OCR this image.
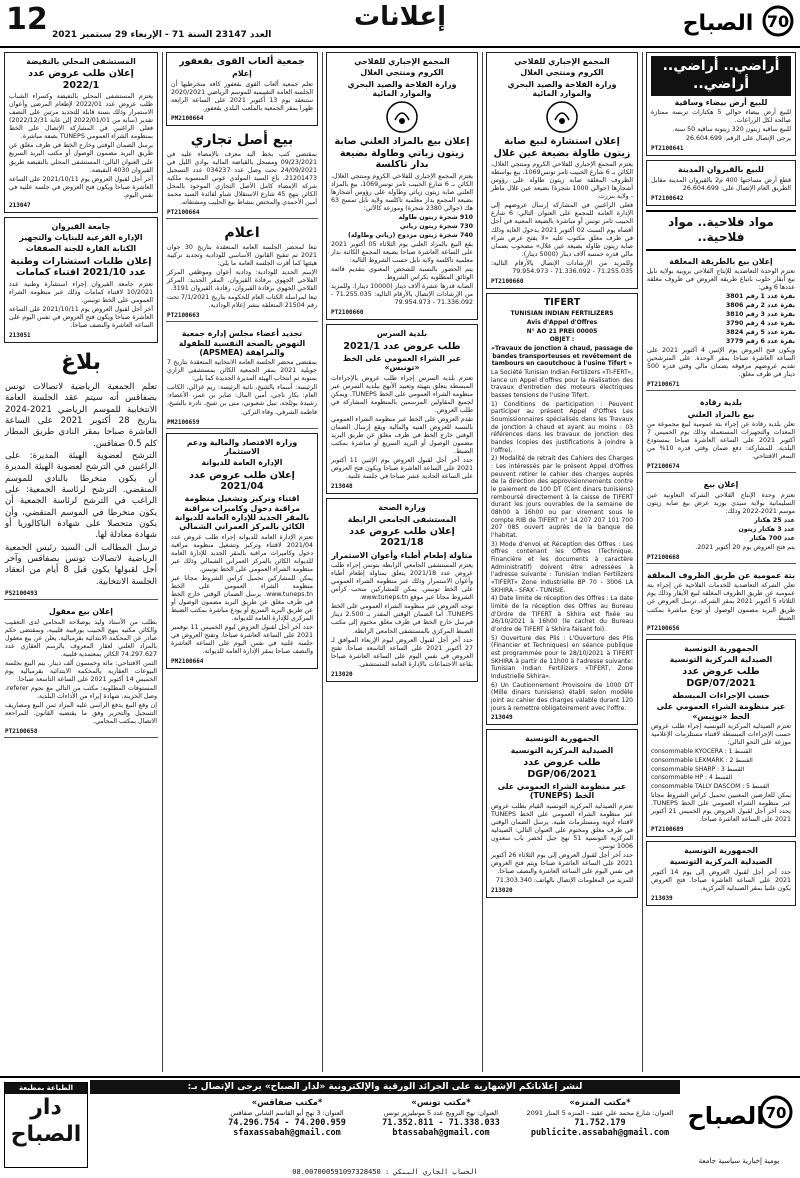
12 العدد 23147 السنة 71 - الإربعاء 29 سبتمبر 2021
إعلانات	70
الصباح
أراضي.. أراضي.. أراضي..
للبيع أرض بيضاء وساقية

للبيع أرض بيضاء حوالي 5 هكتارات تربسة ممتازة صالحة لكل الزراعات.

للبيع ساقية زيتون 320 زيتونة ساقية 50 سنة.

يرجى الإتصال على الرقم: 26.604.699

PT2100641
للبيع بالقيروان المدينة

قطع أرض مساحتها 400 م2 بالقيروان المدينة مقابل الطريق العام الإتصال على: 26.604.699

PT2100642
مواد فلاحية.. مواد فلاحية..
إعلان بيع بالطريقة المغلقة

تعتزم الوحدة التعاضدية للإنتاج الفلاحي بروبية بولاية نابل بيع أبقار حلوب باتباع طريقة العروض في ظروف مغلقة عددها 6 وهي:

بقرة عدد 1 رقم 3801

بقرة عدد 2 رقم 3806

بقرة عدد 3 رقم 3810

بقرة عدد 4 رقم 3790

بقرة عدد 5 رقم 3824

بقرة عدد 6 رقم 3779

ويكون فتح العروض يوم الإثنين 4 أكتوبر 2021 على الساعة العاشرة صباحا بمقر الوحدة. على المترشحين تقديم عروضهم مرفوقة بضمان مالي وقتي قدره 500 دينار في ظرف مغلق.

PT2100671
بلدية رقادة
بيع بالمزاد العلني

تعلن بلدية رقادة عن إجراء بتة عمومية لبيع مجموعة من المعدات والتجهيزات المستعملة وذلك يوم الخميس 7 أكتوبر 2021 على الساعة العاشرة صباحا بمستودع البلدية. للمشاركة: دفع ضمان وقتي قدره 10% من السعر الافتتاحي.

PT2100674
إعلان بيع

تعتزم وحدة الإنتاج الفلاحي الشركة التعاونية عين السليمانية بولاية سيدي بوزيد عرض بيع صابة زيتون موسم 2021-2022 وذلك:

عدد 25 هكتار

عدد 3 هكتار زيتون

عدد 700 هكتار

يتم فتح العروض يوم 20 أكتوبر 2021.

PT2100668
بتة عمومية عن طريق الظروف المغلقة

تعلن الشركة التعاضدية للخدمات الفلاحية عن إجراء بتة عمومية عن طريق الظروف المغلقة لبيع الأبقار وذلك يوم الثلاثاء 5 أكتوبر 2021 بمقر الشركة. ترسل العروض عن طريق البريد مضمون الوصول أو تودع مباشرة بمكتب الضبط.

PT2100656
الجمهورية التونسية
الصيدلية المركزية التونسية
طلب عروض عدد 2021/DGP/07
حسب الإجراءات المبسطة
عبر منظومة الشراء العمومي على الخط «تونِبس»

تعتزم الصيدلية المركزية التونسية إجراء طلب عروض حسب الإجراءات المبسطة لاقتناء مستلزمات الإعلامية موزعة على النحو التالي:

consommable KYOCERA : 1 القسط

consommable LEXMARK : 2 القسط

consommable SHARP : 3 القسط

consommable HP : 4 القسط

consommable TALLY DASCOM : 5 القسط

يمكن للعارضين المعنيين تحميل كراس الشروط مجانا عبر منظومة الشراء العمومي على الخط TUNEPS. يحدد آخر أجل لقبول العروض يوم الخميس 21 أكتوبر 2021 على الساعة العاشرة صباحا.

PT2100689
الجمهورية التونسية
الصيدلية المركزية التونسية

حدد آخر أجل لقبول العروض إلى يوم 14 أكتوبر 2021 على الساعة العاشرة صباحا. فتح العروض يكون علنيا بمقر الصيدلية المركزية.

213039
المجمع الإجباري للفلاحي
الكروم ومنتجي الغلال
وزارة الفلاحة والصيد البحري والموارد المائية
إعلان استشارة لبيع صابة زيتون طاولة بضيعة عين غلال

يعتزم المجمع الإجباري للفلاحي الكروم ومنتجي الغلال، الكائن بـ 6 شارع الحبيب ثامر تونس1069، بيع بواسطة الظروف المغلقة صابة زيتون طاولة على رؤوس أشجارها (حوالي 1000 شجرة) بضيعة عين غلال ماطر - ولاية بنزرت.

فعلى الراغبين في المشاركة إرسال عروضهم إلى الإدارة العامة للمجمع على العنوان التالي: 6 شارع الحبيب ثامر تونس أو مباشرة بالضيعة المعنية في أجل أقصاه يوم السبت 02 أكتوبر 2021 بدخول الغاية وذلك في ظرف مغلق مكتوب عليه «لا يفتح عرض شراء صابة زيتون طاولة بضيعة عين غلال» مصحوب بضمان مالي قدره خمسة آلاف دينار (5000 دينار).

وللمزيد من الإرشادات الإتصال بالأرقام التالية: 71.255.035 - 71.336.092 - 79.954.973

PT2100660
TIFERT

TUNISIAN INDIAN FERTILIZERS

Avis d'Appel d'Offres

N° AO 21 PREI 00005

OBJET :

«Travaux de jonction à chaud, passage de bandes transporteuses et revêtement de tambours en caoutchouc à l'usine Tifert »

La Société Tunisian Indian Fertilizers «TI-FERT», lance un Appel d'offres pour la réalisation des travaux d'entretien des moteurs électriques basses tensions de l'usine Tifert.

1) Conditions de participation : Peuvent participer au présent Appel d'Offres Les Soumissionnaires spécialisés dans les Travaux de jonction à chaud et ayant au moins : 03 références dans les travaux de jonction des bandes (copies des justifications à joindre à l'offre).

2) Modalité de retrait des Cahiers des Charges : Les intéressés par le présent Appel d'Offres peuvent retirer le cahier des charges auprès de la direction des approvisionnements contre le paiement de 100 DT (Cent dinars tunisiens) remboursé directement à la caisse de TIFERT durant les jours ouvrables de la semaine de 08h00 à 16h00 ou par virement sous le compte RIB de TIFERT n° 14 207 207 101 700 207 085 ouvert auprès de la banque de l'habitat.

3) Mode d'envoi et Réception des Offres : Les offres contenant les Offres (Technique, Financière et les documents à caractère Administratif) doivent être adressées à l'adresse suivante : Tunisian Indian Fertilizers «TIFERT» Zone industrielle BP 70 - 3006 LA SKHIRA - SFAX - TUNISIE.

4) Date limite de réception des Offres : La date limite de la réception des Offres au Bureau d'Ordre de TIFERT à Skhira est fixée au 26/10/2021 à 16h00 (le cachet du Bureau d'ordre de TIFERT à Skhira faisant foi).

5) Ouverture des Plis : L'Ouverture des Plis (Financier et Techniques) en séance publique est programmée pour le 28/10/2021 à TIFERT SKHIRA à partir de 11h00 à l'adresse suivante: Tunisian Indian Fertilizers «TIFERT, Zone Industrielle Skhira».

6) Un Cautionnement Provisoire de 1000 DT (Mille dinars tunisiens) établi selon modèle joint au cahier des charges valable durant 120 jours à remettre obligatoirement avec l'offre.

213049
الجمهورية التونسية
الصيدلية المركزية التونسية
طلب عروض عدد 2021/DGP/06
عبر منظومة الشراء العمومي على الخط (TUNEPS)

تعتزم الصيدلية المركزية التونسية القيام بطلب عروض عبر منظومة الشراء العمومي على الخط TUNEPS لاقتناء أدوية ومستلزمات طبية. يرسل الضمان الوقتي في ظرف مغلق ومختوم على العنوان التالي: الصيدلية المركزية التونسية 51 نهج جبل لخضر باب سعدون 1006 تونس.

حدد آخر أجل لقبول العروض إلى يوم الثلاثاء 26 أكتوبر 2021 على الساعة العاشرة صباحا ويتم فتح العروض في نفس اليوم على الساعة العاشرة والنصف صباحا.

للمزيد من المعلومات الإتصال بالهاتف: 71.303.340

213020
المجمع الإجباري للفلاحي
الكروم ومنتجي الغلال
وزارة الفلاحة والصيد البحري والموارد المائية
إعلان بيع بالمزاد العلني صابة زيتون زياتي وطاولة بضيعة بدار تاكلسة

يعتزم المجمع الإجباري للفلاحي الكروم ومنتجي الغلال، الكائن بـ 6 شارع الحبيب ثامر تونس1069، بيع بالمزاد العلني صابة زيتون زياتي وطاولة على رؤوس أشجارها بضيعة المجمع بدار معلمية تاكلسة ولاية نابل تمسح 63 هك (حوالي 2380 شجرة) وموزعة كالآتي:

910 شجرة زيتون طاولة

730 شجرة زيتون زياتي

740 شجرة زيتون مزدوج (زياتي وطاولة)

يقع البيع بالمزاد العلني يوم الثلاثاء 05 أكتوبر 2021 على الساعة العاشرة صباحا بضيعة المجمع الكائنة بدار معلمية تاكلسة ولاية نابل حسب الشروط التالية:

يتم الحضور بالنسبة للشخص المعنوي بتقديم قائمة الوثائق المطلوبة بكراس الشروط.

الصابة قدرها عشرة آلاف دينار (10000 دينار). وللمزيد من الإرشادات الإتصال بالأرقام التالية: 71.255.035 - 71.336.092 - 79.954.973

PT2100660
بلدية السرس
طلب عروض عدد 2021/1
عبر الشراء العمومي على الخط «تونبس»

تعتزم بلدية السرس إجراء طلب عروض بالإجراءات المبسطة يتعلق بتهيئة وتعبيد الأنهج ببلدية السرس عبر منظومة الشراء العمومي على الخط TUNEPS. ويمكن لجميع المقاولين المرسمين بالمنظومة المشاركة في طلب العروض.

تقدم العروض على الخط عبر منظومة الشراء العمومي بالنسبة للعروض الفنية والمالية ويقع إرسال الضمان الوقتي خارج الخط في ظرف مغلق عن طريق البريد مضمون الوصول أو البريد السريع أو مباشرة بمكتب الضبط.

حدد آخر أجل لقبول العروض يوم الإثنين 11 أكتوبر 2021 على الساعة العاشرة صباحا ويكون فتح العروض على الساعة الحادية عشر صباحا في جلسة علنية.

213048
وزارة الصحة
المستشفى الجامعي الرابطة
إعلان طلب عروض عدد 2021/18
مناولة إطعام أطباء وأعوان الاستمرار

يعتزم المستشفى الجامعي الرابطة بتونس إجراء طلب عروض عدد 2021/18 يتعلق بمناولة إطعام أطباء وأعوان الاستمرار وذلك عبر منظومة الشراء العمومي على الخط تونبس. يمكن للمشاركين سحب كراس الشروط مجانا عبر موقع www.tuneps.tn.

توجه العروض عبر منظومة الشراء العمومي على الخط TUNEPS. أما الضمان الوقتي المقدر بـ 2.500 دينار فيرسل خارج الخط في ظرف مغلق مختوم إلى مكتب الضبط المركزي بالمستشفى الجامعي الرابطة.

حدد آخر أجل لقبول العروض ليوم الإربعاء الموافق لـ 27 أكتوبر 2021 على الساعة التاسعة صباحا. تفتح العروض في نفس اليوم على الساعة العاشرة صباحا بقاعة الاجتماعات بالإدارة العامة للمستشفى.

213020
جمعية ألعاب القوى بقعفور
إعلام

تعلم جمعية ألعاب القوى بقعفور كافة منخرطيها أن الجلسة العامة التقييمية للموسم الرياضي 2020/2021 ستنعقد يوم 13 أكتوبر 2021 على الساعة الرابعة ظهرا بمقر الجمعية بالملعب البلدي بقعفور.

PM2100664
بيع أصل تجاري

بمقتضى كتب بخط اليد معرف بالإمضاء عليه في 09/23/2021 ومسجل بالقباضة المالية بوادي الليل في 24/09/2021 تحت وصل عدد 034237 عدد التسجيل 21201473، باع السيد المولدي عوني المنسوبة ملكية شركة الإمضاء كامل الأصل التجاري الموجود بالمحل الكائن بنهج 45 شارع الاستقلال شباو لفائدة السيد محمد أمين الأحمدي والمختص بنشاط بيع الحليب ومشتقاته.

PT2100664
اعلام

تبعا لمحضر الجلسة العامة المنعقدة بتاريخ 30 جوان 2021 تم تنقيح القانون الأساسي للودادية وتجديد تركيبة هيئتها كما أقرت الجلسة العامة ما يلي:

الإسم الجديد للودادية: ودادية أعوان وموظفي المركز الفلاحي الجهوي برقادة القيروان. المقر الجديد: المركز الفلاحي الجهوي برقادة القيروان، رقادة، القيروان 3191.

تبعا لمراسلة الكتاب العام للحكومة بتاريخ 7/1/2021 تحت رقم 21504 المتعلقة بنشر إعلام الودادية.

PT2100663
تجديد أعضاء مجلس إدارة جمعية النهوض بالصحة النفسية للطفولة والمراهقة (APSMEA)

بمقتضى محضر الجلسة العامة الانتخابية المنعقدة بتاريخ 7 جويلية 2021 بمقر الجمعية الكائن بمستشفى الرازي بمنوبة تم انتخاب الهيئة المديرة الجديدة كما يلي:

الرئيسة: أسماء بالشيخ، نائبة الرئيسة: ريم غزالي، الكاتب العام: بكار ناجي، أمين المال: صابر بن عمر، الأعضاء: رشيدة بوثلجة، نبيل شعبوني، منى بن شيخ، نادرة بالشيخ، فاطمة الشرفي، وفاء التركي.

PM2100659
وزارة الاقتصاد والمالية ودعم الاستثمار
الإدارة العامة للديوانة
إعلان طلب عروض عدد 2021/04
اقتناء وتركيز وتشغيل منظومة مراقبة دخول وكاميرات مراقبة بالمقر الجديد للإدارة العامة للديوانة الكائن بالمركز العمراني الشمالي

تعتزم الإدارة العامة للديوانة إجراء طلب عروض عدد 2021/04 لاقتناء وتركيز وتشغيل منظومة مراقبة دخول وكاميرات مراقبة بالمقر الجديد للإدارة العامة للديوانة الكائن بالمركز العمراني الشمالي وذلك عبر منظومة الشراء العمومي على الخط تونبس.

يمكن للمشاركين تحميل كراس الشروط مجانا عبر منظومة الشراء العمومي على الخط www.tuneps.tn. يرسل الضمان الوقتي خارج الخط في ظرف مغلق عن طريق البريد مضمون الوصول أو عن طريق البريد السريع أو يودع مباشرة بمكتب الضبط المركزي للإدارة العامة للديوانة.

حدد آخر أجل لقبول العروض ليوم الخميس 11 نوفمبر 2021 على الساعة العاشرة صباحا. وتفتح العروض في جلسة علنية في نفس اليوم على الساعة العاشرة والنصف صباحا بمقر الإدارة العامة للديوانة.

PM2100664
المستشفى المحلي بالنفيضة
إعلان طلب عروض عدد 2022/1

يعتزم المستشفى المحلي بالنفيضة وكسراء الشباب طلب عروض عدد 2022/01 لإطعام المرضى وأعوان الاستمرار وذلك بسنة قابلة للتجديد مرتين على النصف تقدير (سابة من 2022/01/01 إلى غاية 2022/12/31) فعلى الراغبين في المشاركة الإتصال على الخط بمنظومة الشراء العمومي TUNEPS بصفة مباشرة.

يرسل الضمان الوقتي وخارج الخط في ظرف مغلق عن طريق البريد مضمون الوصول أو مكتب البريد السريع على العنوان التالي: المستشفى المحلي بالنفيضة طريق القيروان 4030 النفيضة.

آخر أجل لقبول العروض يوم 2021/10/11 على الساعة العاشرة صباحا ويكون فتح العروض في جلسة علنية في نفس اليوم.

213047
جامعة القيروان
الإدارة الفرعية للبنايات والتجهيز
الكتابة القارة للجنة الصفقات
إعلان طلبات استشارات وطنية عدد 2021/10 اقتناء كمامات

تعتزم جامعة القيروان إجراء استشارة وطنية عدد 10/2021 لاقتناء كمامات وذلك عبر منظومة الشراء العمومي على الخط تونبس.

آخر أجل لقبول العروض يوم 2021/10/11 على الساعة العاشرة صباحا ويكون فتح العروض في نفس اليوم على الساعة العاشرة والنصف صباحا.

213051
بلاغ

تعلم الجمعية الرياضية لاتصالات تونس بصفاقس أنه سيتم عقد الجلسة العامة الانتخابية للموسم الرياضي 2021-2024 بتاريخ 28 أكتوبر 2021 على الساعة العاشرة صباحا بمقر النادي طريق المطار كلم 0.5 صفاقس.

الترشح لعضوية الهيئة المديرة: على الراغبين في الترشح لعضوية الهيئة المديرة أن يكون منخرطا بالنادي للموسم المنقضي. الترشح لرئاسة الجمعية: على الراغب في الترشح لرئاسة الجمعية أن يكون منخرطا في الموسم المنقضي، وأن يكون متحصلا على شهادة الباكالوريا أو شهادة معادلة لها.

ترسل المطالب الى السيد رئيس الجمعية الرياضية لاتصالات تونس بصفاقس وآخر أجل لقبولها يكون قبل 8 أيام من انعقاد الجلسة الانتخابية.

PS2100493
إعلان بيع معقول

بطلب من الأستاذ وليد بوصلاحة المحامي لدى التعقيب والكائن مكتبه بنهج الحبيب بورقيبة قليبية، وبمقتضى حكم صادر عن المحكمة الابتدائية بقرمبالية، يعلن عن بيع معقول بالمزاد العلني لعقار المعروف بالرسم العقاري عدد 74.297.627 الكائن بمعتمدية قليبية.

الثمن الافتتاحي: مائة وخمسون ألف دينار. يتم البيع بجلسة البيوعات العقارية بالمحكمة الابتدائية بقرمبالية يوم الخميس 14 أكتوبر 2021 على الساعة التاسعة صباحا.

المستوفات المطلوبة: مكتب من التالي مع نجوم referer، وصل الخزينة، شهادة إبراء من الأداءات البلدية.

إن وقع البيع يدفع الراسي عليه المزاد ثمن البيع ومصاريف التسجيل والتحرير وفق ما يقتضيه القانون. للمراجعة الاتصال بمكتب المحامي.

PT2100658
لنشر إعلاناتكم الإشهارية على الجرائد الورقية والإلكترونية «لدار الصباح» يرجى الإتصال بـ:
70
الصباح
يومية إخبارية سياسية جامعة
*مكتب المنزه»
العنوان: شارع محمد علي عقيد - المنزه 5 المنار 2091
71.752.179
publicite.assabah@gmail.com
*مكتب تونس»
العنوان: نهج النرويج عدد 5 مونبليزير تونس
71.352.811 - 71.338.033
btassabah@gmail.com
*مكتب صفاقس»
العنوان: 3 نهج أبو القاسم الشابي صفاقس
74.296.754 - 74.200.959
sfaxassabah@gmail.com
الطباعة بمطبعة
دار الصباح
الحساب الجاري البنكي : 08.007000591097328450
